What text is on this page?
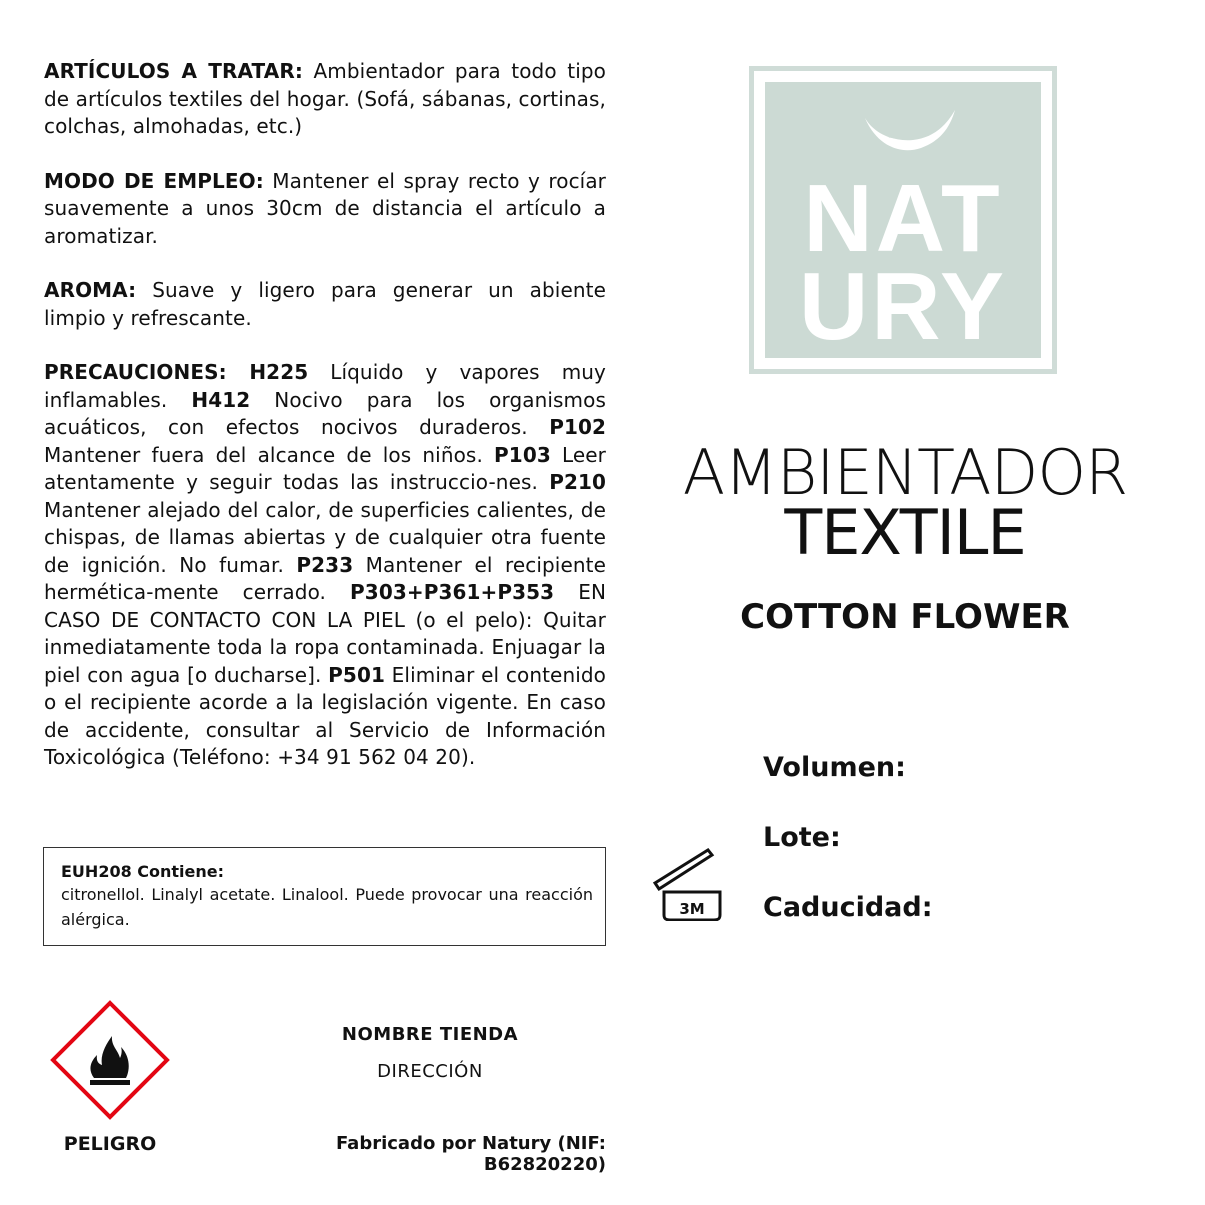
ARTÍCULOS A TRATAR: Ambientador para todo tipo de artículos textiles del hogar. (Sofá, sábanas, cortinas, colchas, almohadas, etc.)

MODO DE EMPLEO: Mantener el spray recto y rocíar suavemente a unos 30cm de distancia el artículo a aromatizar.

AROMA: Suave y ligero para generar un abiente limpio y refrescante.

PRECAUCIONES: H225 Líquido y vapores muy inflamables. H412 Nocivo para los organismos acuáticos, con efectos nocivos duraderos. P102 Mantener fuera del alcance de los niños. P103 Leer atentamente y seguir todas las instruccio-nes. P210 Mantener alejado del calor, de superficies calientes, de chispas, de llamas abiertas y de cualquier otra fuente de ignición. No fumar. P233 Mantener el recipiente hermética-mente cerrado. P303+P361+P353 EN CASO DE CONTACTO CON LA PIEL (o el pelo): Quitar inmediatamente toda la ropa contaminada. Enjuagar la piel con agua [o ducharse]. P501 Eliminar el contenido o el recipiente acorde a la legislación vigente. En caso de accidente, consultar al Servicio de Información Toxicológica (Teléfono: +34 91 562 04 20).

EUH208 Contiene:
citronellol. Linalyl acetate. Linalool. Puede provocar una reacción alérgica.
PELIGRO
NOMBRE TIENDA
DIRECCIÓN
Fabricado por Natury (NIF: B62820220)
NAT
URY
AMBIENTADOR
TEXTILE
COTTON FLOWER
Volumen:
Lote:
Caducidad:
3M
